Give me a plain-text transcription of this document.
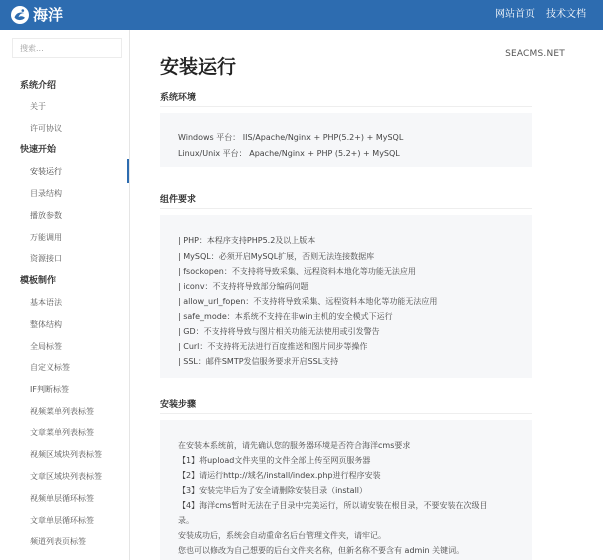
海洋	网站首页 技术文档
搜索...
系统介绍
关于
许可协议
快速开始
安装运行
目录结构
播放参数
万能调用
资源接口
模板制作
基本语法
整体结构
全局标签
自定义标签
IF判断标签
视频菜单列表标签
文章菜单列表标签
视频区域块列表标签
文章区域块列表标签
视频单层循环标签
文章单层循环标签
频道列表页标签
SEACMS.NET
安装运行
系统环境
Windows 平台： IIS/Apache/Nginx + PHP(5.2+) + MySQL
Linux/Unix 平台： Apache/Nginx + PHP (5.2+) + MySQL
组件要求
| PHP：本程序支持PHP5.2及以上版本
| MySQL：必须开启MySQL扩展，否则无法连接数据库
| fsockopen：不支持将导致采集、远程资料本地化等功能无法应用
| iconv：不支持将导致部分编码问题
| allow_url_fopen：不支持将导致采集、远程资料本地化等功能无法应用
| safe_mode：本系统不支持在非win主机的安全模式下运行
| GD：不支持将导致与图片相关功能无法使用或引发警告
| Curl：不支持将无法进行百度推送和图片同步等操作
| SSL：邮件SMTP发信服务要求开启SSL支持
安装步骤
在安装本系统前，请先确认您的服务器环境是否符合海洋cms要求
【1】将upload文件夹里的文件全部上传至网页服务器
【2】请运行http://域名/install/index.php进行程序安装
【3】安装完毕后为了安全请删除安装目录（install）
【4】海洋cms暂时无法在子目录中完美运行，所以请安装在根目录，不要安装在次级目
录。
安装成功后，系统会自动重命名后台管理文件夹，请牢记。
您也可以修改为自己想要的后台文件夹名称，但新名称不要含有 admin 关键词。
